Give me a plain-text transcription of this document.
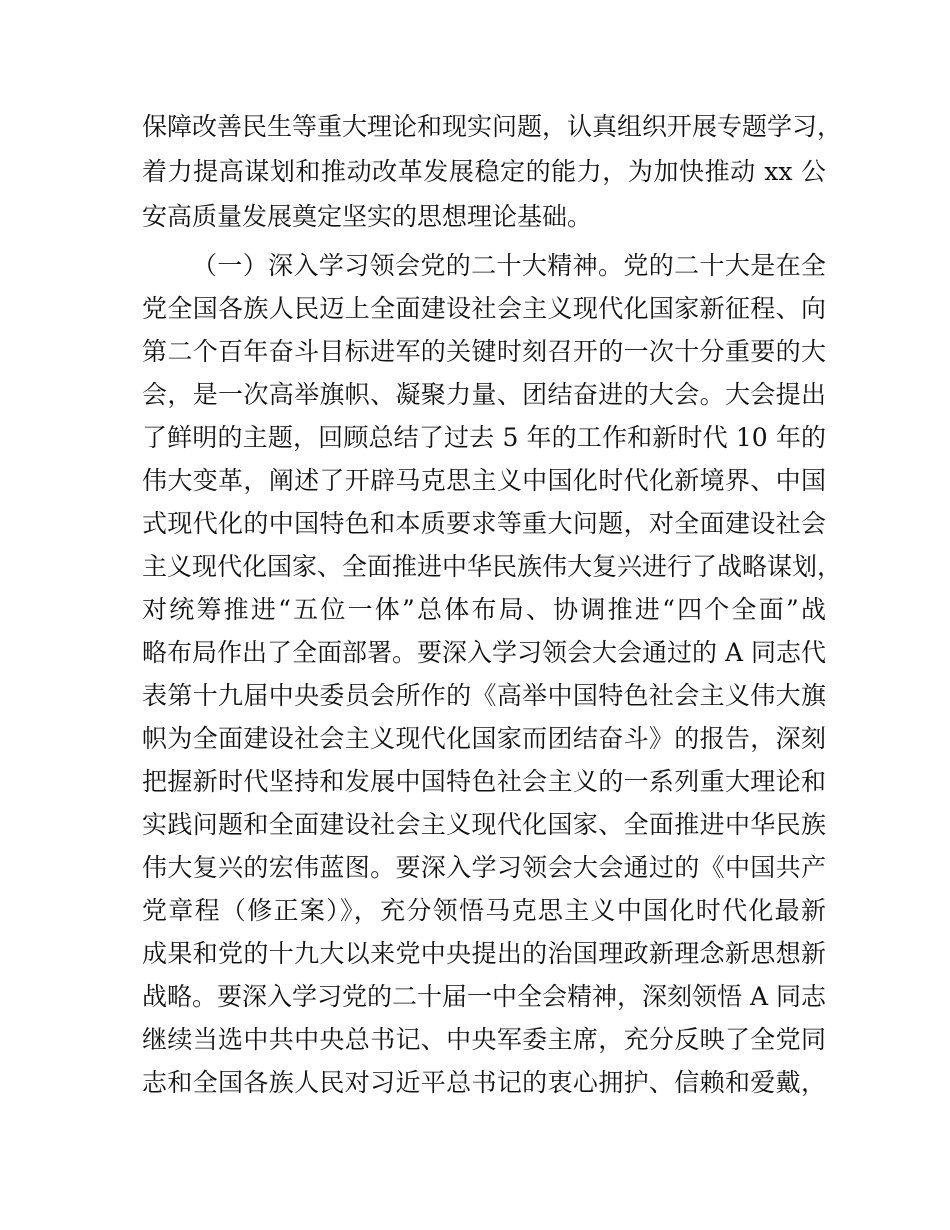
保障改善民生等重大理论和现实问题，认真组织开展专题学习，
着力提高谋划和推动改革发展稳定的能力，为加快推动 xx 公
安高质量发展奠定坚实的思想理论基础。
（一）深入学习领会党的二十大精神。党的二十大是在全
党全国各族人民迈上全面建设社会主义现代化国家新征程、向
第二个百年奋斗目标进军的关键时刻召开的一次十分重要的大
会，是一次高举旗帜、凝聚力量、团结奋进的大会。大会提出
了鲜明的主题，回顾总结了过去 5 年的工作和新时代 10 年的
伟大变革，阐述了开辟马克思主义中国化时代化新境界、中国
式现代化的中国特色和本质要求等重大问题，对全面建设社会
主义现代化国家、全面推进中华民族伟大复兴进行了战略谋划，
对统筹推进“五位一体”总体布局、协调推进“四个全面”战
略布局作出了全面部署。要深入学习领会大会通过的 A 同志代
表第十九届中央委员会所作的《高举中国特色社会主义伟大旗
帜为全面建设社会主义现代化国家而团结奋斗》的报告，深刻
把握新时代坚持和发展中国特色社会主义的一系列重大理论和
实践问题和全面建设社会主义现代化国家、全面推进中华民族
伟大复兴的宏伟蓝图。要深入学习领会大会通过的《中国共产
党章程（修正案）》，充分领悟马克思主义中国化时代化最新
成果和党的十九大以来党中央提出的治国理政新理念新思想新
战略。要深入学习党的二十届一中全会精神，深刻领悟 A 同志
继续当选中共中央总书记、中央军委主席，充分反映了全党同
志和全国各族人民对习近平总书记的衷心拥护、信赖和爱戴，
